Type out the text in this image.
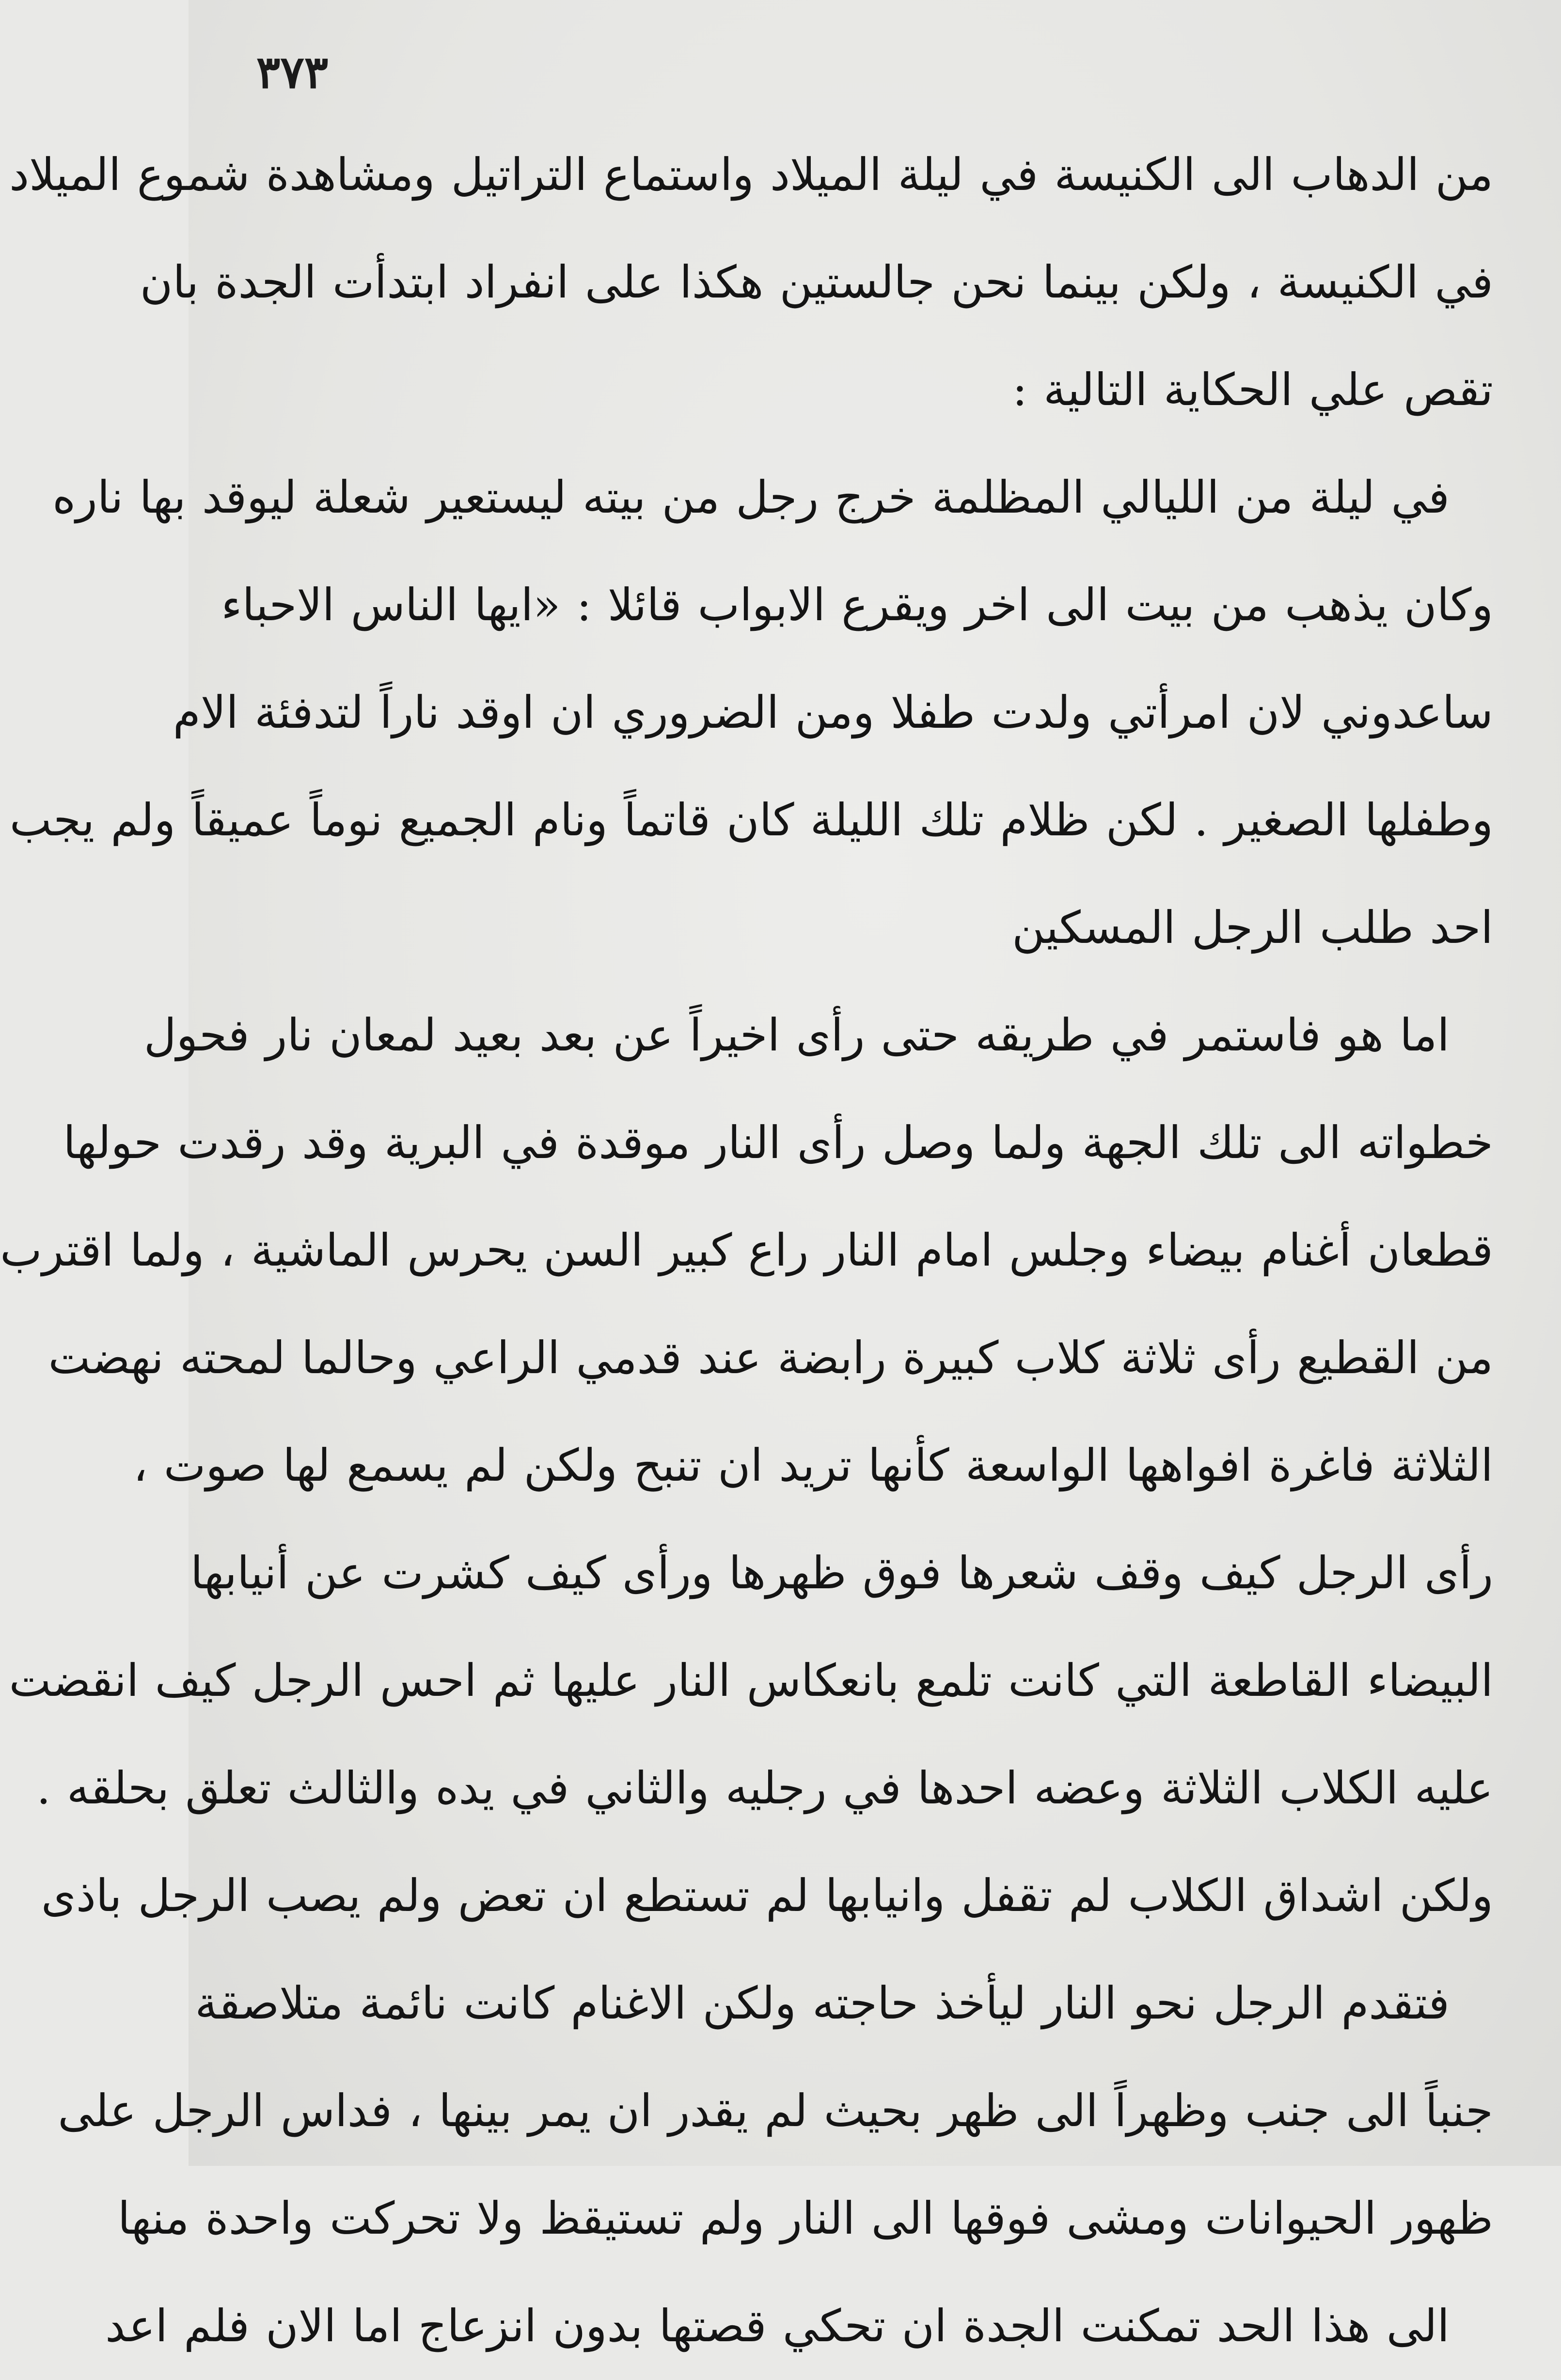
٣٧٣
من الدهاب الى الكنيسة في ليلة الميلاد واستماع التراتيل ومشاهدة شموع الميلاد
في الكنيسة ، ولكن بينما نحن جالستين هكذا على انفراد ابتدأت الجدة بان
تقص علي الحكاية التالية :
في ليلة من الليالي المظلمة خرج رجل من بيته ليستعير شعلة ليوقد بها ناره
وكان يذهب من بيت الى اخر ويقرع الابواب قائلا : «ايها الناس الاحباء
ساعدوني لان امرأتي ولدت طفلا ومن الضروري ان اوقد ناراً لتدفئة الام
وطفلها الصغير . لكن ظلام تلك الليلة كان قاتماً ونام الجميع نوماً عميقاً ولم يجب
احد طلب الرجل المسكين
اما هو فاستمر في طريقه حتى رأى اخيراً عن بعد بعيد لمعان نار فحول
خطواته الى تلك الجهة ولما وصل رأى النار موقدة في البرية وقد رقدت حولها
قطعان أغنام بيضاء وجلس امام النار راع كبير السن يحرس الماشية ، ولما اقترب
من القطيع رأى ثلاثة كلاب كبيرة رابضة عند قدمي الراعي وحالما لمحته نهضت
الثلاثة فاغرة افواهها الواسعة كأنها تريد ان تنبح ولكن لم يسمع لها صوت ،
رأى الرجل كيف وقف شعرها فوق ظهرها ورأى كيف كشرت عن أنيابها
البيضاء القاطعة التي كانت تلمع بانعكاس النار عليها ثم احس الرجل كيف انقضت
عليه الكلاب الثلاثة وعضه احدها في رجليه والثاني في يده والثالث تعلق بحلقه .
ولكن اشداق الكلاب لم تقفل وانيابها لم تستطع ان تعض ولم يصب الرجل باذى
فتقدم الرجل نحو النار ليأخذ حاجته ولكن الاغنام كانت نائمة متلاصقة
جنباً الى جنب وظهراً الى ظهر بحيث لم يقدر ان يمر بينها ، فداس الرجل على
ظهور الحيوانات ومشى فوقها الى النار ولم تستيقظ ولا تحركت واحدة منها
الى هذا الحد تمكنت الجدة ان تحكي قصتها بدون انزعاج اما الان فلم اعد
